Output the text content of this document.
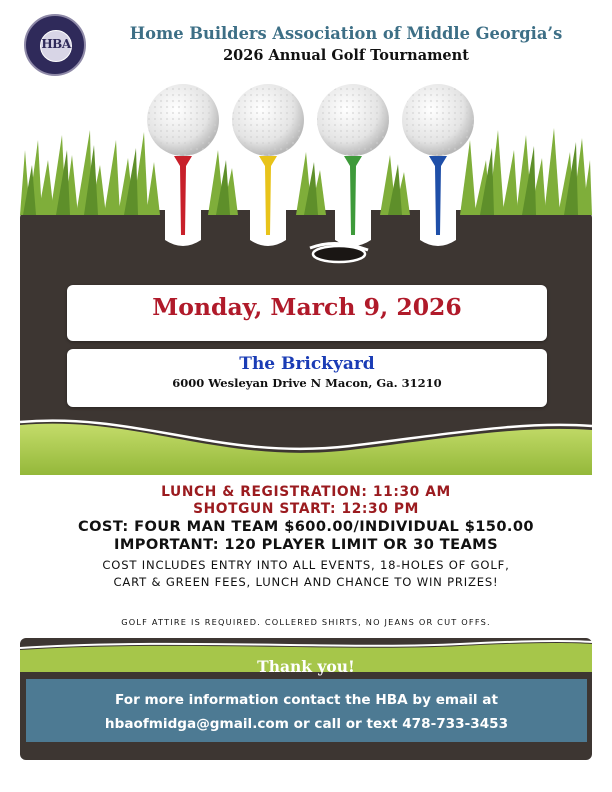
HBA
Home Builders Association of Middle Georgia’s
2026 Annual Golf Tournament
Monday, March 9, 2026
The Brickyard
6000 Wesleyan Drive N Macon, Ga. 31210
LUNCH & REGISTRATION: 11:30 AM
SHOTGUN START: 12:30 PM
COST: FOUR MAN TEAM $600.00/INDIVIDUAL $150.00
IMPORTANT: 120 PLAYER LIMIT OR 30 TEAMS
COST INCLUDES ENTRY INTO ALL EVENTS, 18-HOLES OF GOLF,
CART & GREEN FEES, LUNCH AND CHANCE TO WIN PRIZES!
GOLF ATTIRE IS REQUIRED. COLLERED SHIRTS, NO JEANS OR CUT OFFS.
Thank you!
For more information contact the HBA by email at
hbaofmidga@gmail.com or call or text 478-733-3453
